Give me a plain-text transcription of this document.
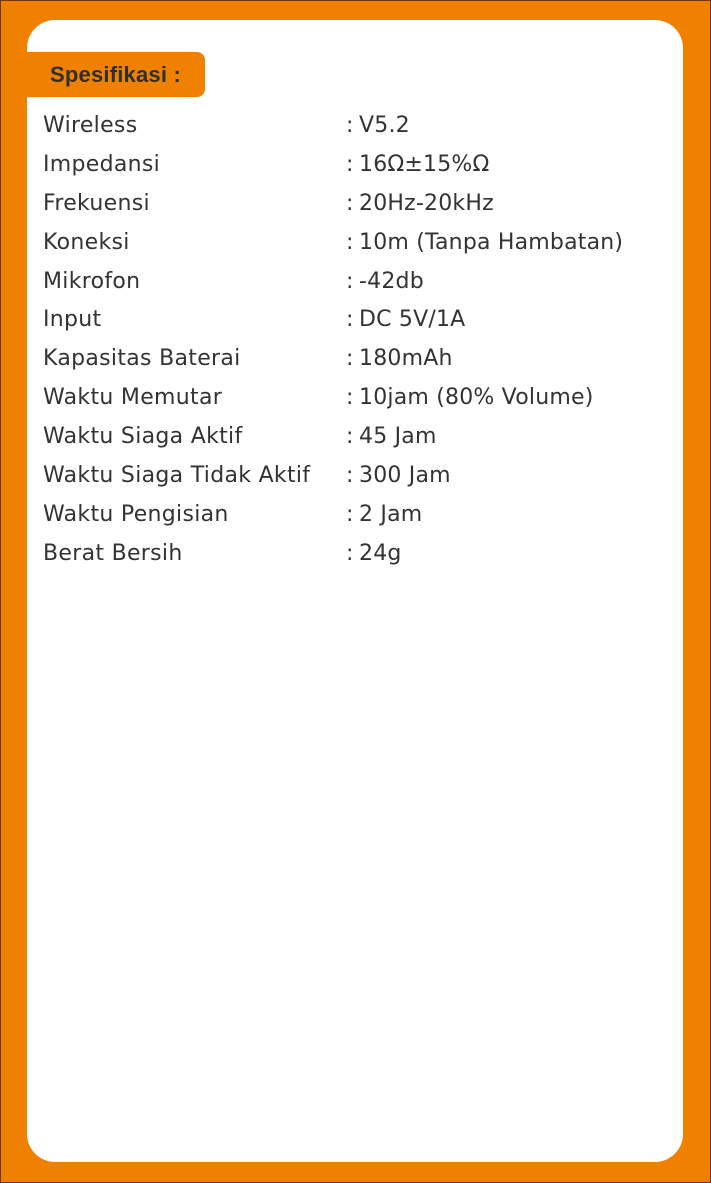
Spesifikasi :
Wireless	: V5.2
Impedansi	: 16Ω±15%Ω
Frekuensi	: 20Hz-20kHz
Koneksi	: 10m (Tanpa Hambatan)
Mikrofon	: -42db
Input	: DC 5V/1A
Kapasitas Baterai	: 180mAh
Waktu Memutar	: 10jam (80% Volume)
Waktu Siaga Aktif	: 45 Jam
Waktu Siaga Tidak Aktif	: 300 Jam
Waktu Pengisian	: 2 Jam
Berat Bersih	: 24g
